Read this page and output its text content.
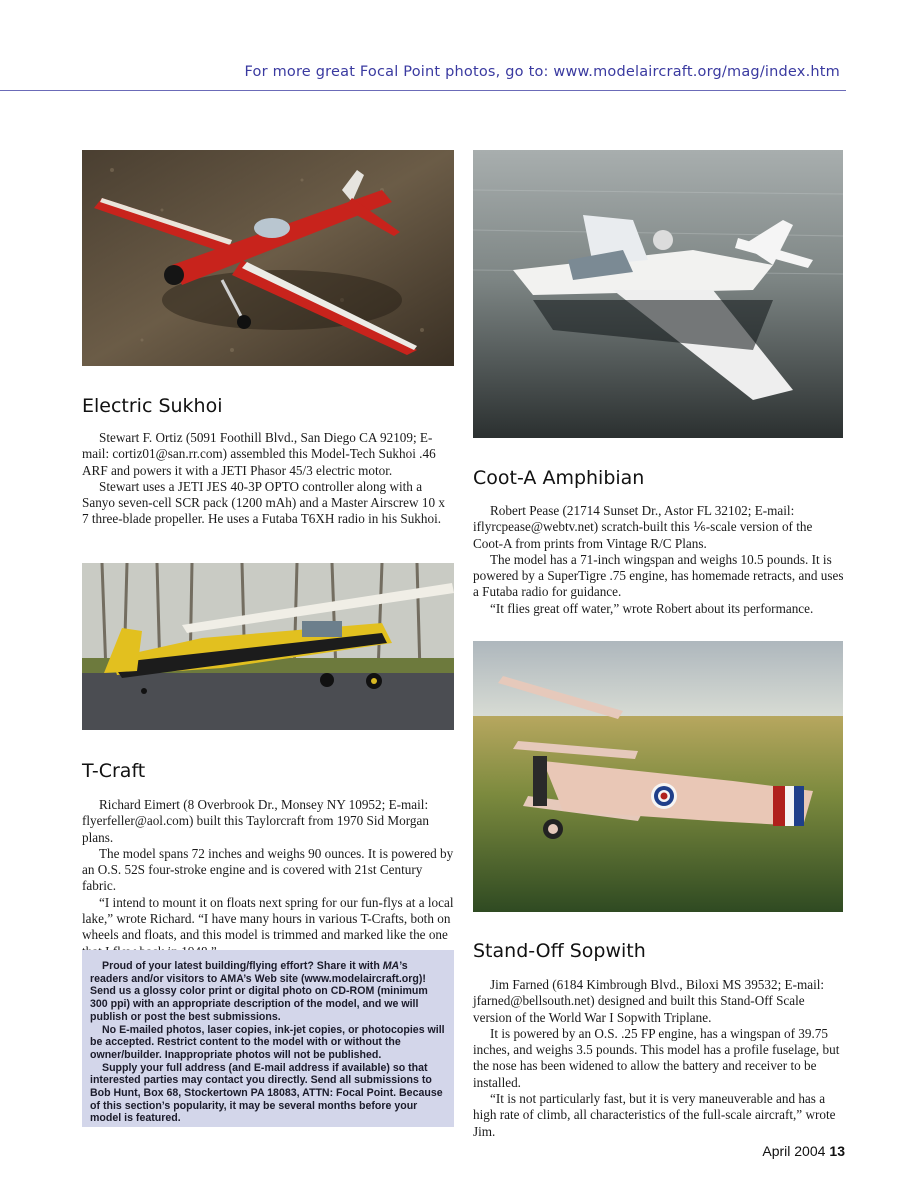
For more great Focal Point photos, go to: www.modelaircraft.org/mag/index.htm
Electric Sukhoi

Stewart F. Ortiz (5091 Foothill Blvd., San Diego CA 92109; E-mail: cortiz01@san.rr.com) assembled this Model-Tech Sukhoi .46 ARF and powers it with a JETI Phasor 45/3 electric motor.

Stewart uses a JETI JES 40-3P OPTO controller along with a Sanyo seven-cell SCR pack (1200 mAh) and a Master Airscrew 10 x 7 three-blade propeller. He uses a Futaba T6XH radio in his Sukhoi.

Coot-A Amphibian

Robert Pease (21714 Sunset Dr., Astor FL 32102; E-mail: iflyrcpease@webtv.net) scratch-built this ⅙-scale version of the Coot-A from prints from Vintage R/C Plans.

The model has a 71-inch wingspan and weighs 10.5 pounds. It is powered by a SuperTigre .75 engine, has homemade retracts, and uses a Futaba radio for guidance.

“It flies great off water,” wrote Robert about its performance.

T-Craft

Richard Eimert (8 Overbrook Dr., Monsey NY 10952; E-mail: flyerfeller@aol.com) built this Taylorcraft from 1970 Sid Morgan plans.

The model spans 72 inches and weighs 90 ounces. It is powered by an O.S. 52S four-stroke engine and is covered with 21st Century fabric.

“I intend to mount it on floats next spring for our fun-flys at a local lake,” wrote Richard. “I have many hours in various T-Crafts, both on wheels and floats, and this model is trimmed and marked like the one

Stand-Off Sopwith

Jim Farned (6184 Kimbrough Blvd., Biloxi MS 39532; E-mail: jfarned@bellsouth.net) designed and built this Stand-Off Scale version of the World War I Sopwith Triplane.

It is powered by an O.S. .25 FP engine, has a wingspan of 39.75 inches, and weighs 3.5 pounds. This model has a profile fuselage, but the nose has been widened to allow the battery and receiver to be installed.

“It is not particularly fast, but it is very maneuverable and has a high rate of climb, all characteristics of the full-scale aircraft,” wrote Jim.

Proud of your latest building/flying effort? Share it with MA’s readers and/or visitors to AMA’s Web site (www.modelaircraft.org)! Send us a glossy color print or digital photo on CD-ROM (minimum 300 ppi) with an appropriate description of the model, and we will publish or post the best submissions.

No E-mailed photos, laser copies, ink-jet copies, or photocopies will be accepted. Restrict content to the model with or without the owner/builder. Inappropriate photos will not be published.

Supply your full address (and E-mail address if available) so that interested parties may contact you directly. Send all submissions to Bob Hunt, Box 68, Stockertown PA 18083, ATTN: Focal Point. Because of this section’s popularity, it may be several months before your model is featured.

April 2004 13
